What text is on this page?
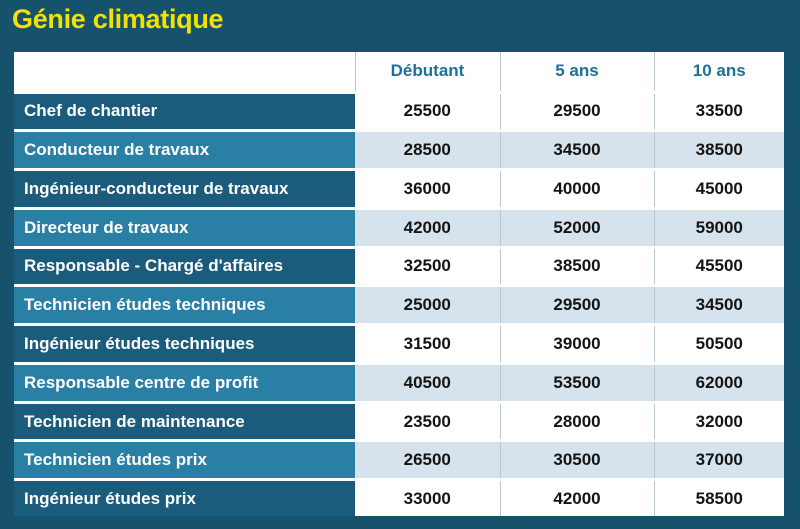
Génie climatique
	Débutant	5 ans	10 ans
Chef de chantier	25500	29500	33500
Conducteur de travaux	28500	34500	38500
Ingénieur-conducteur de travaux	36000	40000	45000
Directeur de travaux	42000	52000	59000
Responsable - Chargé d'affaires	32500	38500	45500
Technicien études techniques	25000	29500	34500
Ingénieur études techniques	31500	39000	50500
Responsable centre de profit	40500	53500	62000
Technicien de maintenance	23500	28000	32000
Technicien études prix	26500	30500	37000
Ingénieur études prix	33000	42000	58500
